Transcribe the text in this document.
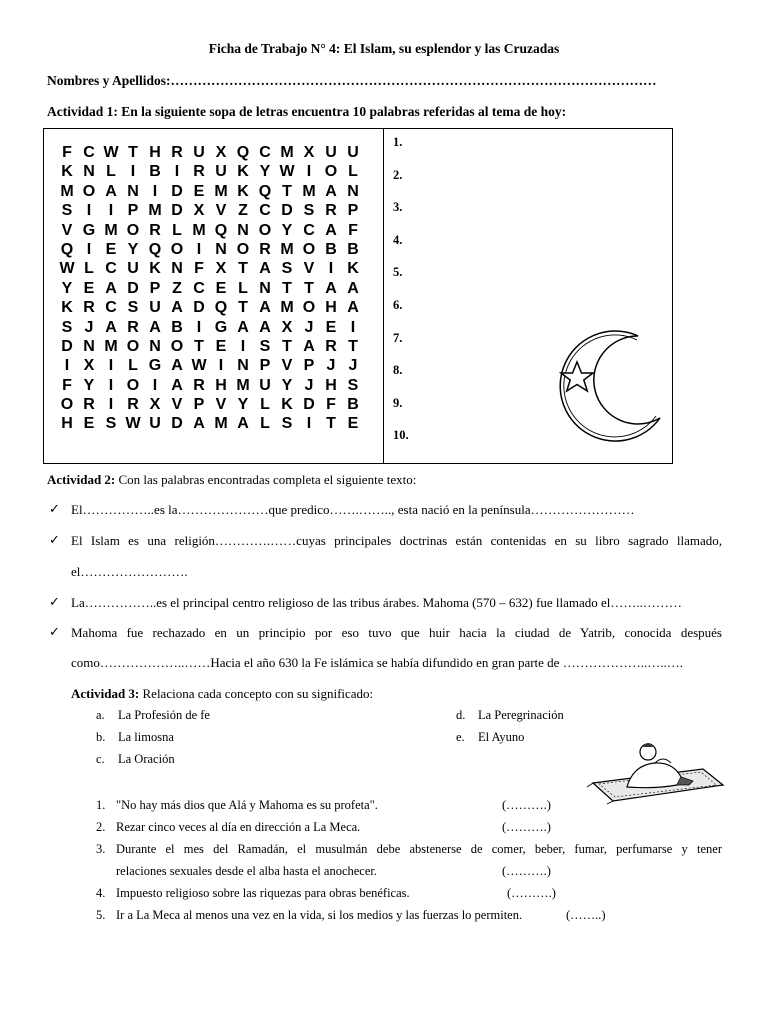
Ficha de Trabajo N° 4: El Islam, su esplendor y las Cruzadas
Nombres y Apellidos:………………………………………………………………………………………………
Actividad 1: En la siguiente sopa de letras encuentra 10 palabras referidas al tema de hoy:
F C W T H R U X Q C M X U U
K N L I B I R U K Y W I O L
M O A N I D E M K Q T M A N
S I	I P M D X V Z C D S R P
V G M O R L M Q N O Y C A F
Q I E Y Q O I N O R M O B B
W L C U K N F X T A S V I K
Y E A D P Z C E L N T T A A
K R C S U A D Q T A M O H A
S J A R A B I G A A X J E I
D N M O N O T E I S T A R T
I X I L G A W I N P V P J J
F Y I O I A R H M U Y J H S
O R I R X V P V Y L K D F B
H E S W U D A M A L S I T E
1.
2.
3.
4.
5.
6.
7.
8.
9.
10.
Actividad 2: Con las palabras encontradas completa el siguiente texto:
✓ El……………..es la…………………que predico…….…….., esta nació en la península……………………
✓ El Islam es una religión………….……cuyas principales doctrinas están contenidas en su libro sagrado llamado,
el…………………….
✓ La……………..es el principal centro religioso de las tribus árabes. Mahoma (570 – 632) fue llamado el……..………
✓ Mahoma fue rechazado en un principio por eso tuvo que huir hacia la ciudad de Yatrib, conocida después
como………………..……Hacia el año 630 la Fe islámica se había difundido en gran parte de ………………..…..….
Actividad 3: Relaciona cada concepto con su significado:
a. La Profesión de fe
b. La limosna
c. La Oración
d. La Peregrinación
e. El Ayuno
1. "No hay más dios que Alá y Mahoma es su profeta".	(……….)
2. Rezar cinco veces al día en dirección a La Meca.	(……….)
3. Durante el mes del Ramadán, el musulmán debe abstenerse de comer, beber, fumar, perfumarse y tener
relaciones sexuales desde el alba hasta el anochecer.	(……….)
4. Impuesto religioso sobre las riquezas para obras benéficas.	(……….)
5. Ir a La Meca al menos una vez en la vida, si los medios y las fuerzas lo permiten.	(……..)
